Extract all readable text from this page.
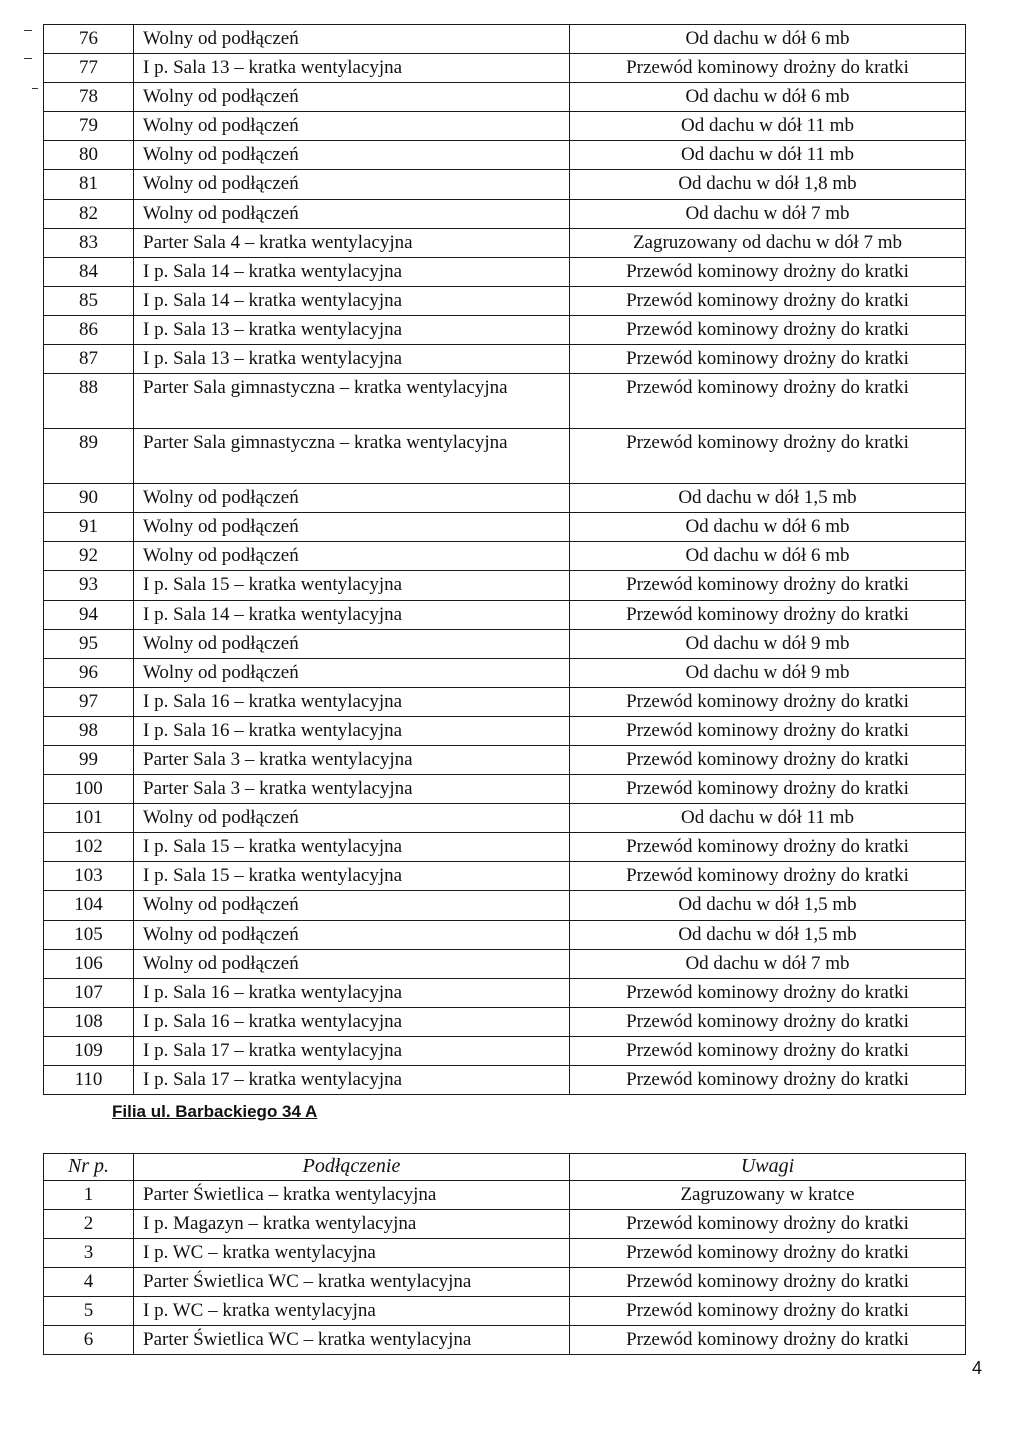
76	Wolny od podłączeń	Od dachu w dół 6 mb
77	I p. Sala 13 – kratka wentylacyjna	Przewód kominowy drożny do kratki
78	Wolny od podłączeń	Od dachu w dół 6 mb
79	Wolny od podłączeń	Od dachu w dół 11 mb
80	Wolny od podłączeń	Od dachu w dół 11 mb
81	Wolny od podłączeń	Od dachu w dół 1,8 mb
82	Wolny od podłączeń	Od dachu w dół 7 mb
83	Parter Sala 4 – kratka wentylacyjna	Zagruzowany od dachu w dół 7 mb
84	I p. Sala 14 – kratka wentylacyjna	Przewód kominowy drożny do kratki
85	I p. Sala 14 – kratka wentylacyjna	Przewód kominowy drożny do kratki
86	I p. Sala 13 – kratka wentylacyjna	Przewód kominowy drożny do kratki
87	I p. Sala 13 – kratka wentylacyjna	Przewód kominowy drożny do kratki
88	Parter Sala gimnastyczna – kratka wentylacyjna	Przewód kominowy drożny do kratki
89	Parter Sala gimnastyczna – kratka wentylacyjna	Przewód kominowy drożny do kratki
90	Wolny od podłączeń	Od dachu w dół 1,5 mb
91	Wolny od podłączeń	Od dachu w dół 6 mb
92	Wolny od podłączeń	Od dachu w dół 6 mb
93	I p. Sala 15 – kratka wentylacyjna	Przewód kominowy drożny do kratki
94	I p. Sala 14 – kratka wentylacyjna	Przewód kominowy drożny do kratki
95	Wolny od podłączeń	Od dachu w dół 9 mb
96	Wolny od podłączeń	Od dachu w dół 9 mb
97	I p. Sala 16 – kratka wentylacyjna	Przewód kominowy drożny do kratki
98	I p. Sala 16 – kratka wentylacyjna	Przewód kominowy drożny do kratki
99	Parter Sala 3 – kratka wentylacyjna	Przewód kominowy drożny do kratki
100	Parter Sala 3 – kratka wentylacyjna	Przewód kominowy drożny do kratki
101	Wolny od podłączeń	Od dachu w dół 11 mb
102	I p. Sala 15 – kratka wentylacyjna	Przewód kominowy drożny do kratki
103	I p. Sala 15 – kratka wentylacyjna	Przewód kominowy drożny do kratki
104	Wolny od podłączeń	Od dachu w dół 1,5 mb
105	Wolny od podłączeń	Od dachu w dół 1,5 mb
106	Wolny od podłączeń	Od dachu w dół 7 mb
107	I p. Sala 16 – kratka wentylacyjna	Przewód kominowy drożny do kratki
108	I p. Sala 16 – kratka wentylacyjna	Przewód kominowy drożny do kratki
109	I p. Sala 17 – kratka wentylacyjna	Przewód kominowy drożny do kratki
110	I p. Sala 17 – kratka wentylacyjna	Przewód kominowy drożny do kratki
Filia ul. Barbackiego 34 A
Nr p.	Podłączenie	Uwagi
1	Parter Świetlica – kratka wentylacyjna	Zagruzowany w kratce
2	I p. Magazyn – kratka wentylacyjna	Przewód kominowy drożny do kratki
3	I p. WC – kratka wentylacyjna	Przewód kominowy drożny do kratki
4	Parter Świetlica WC – kratka wentylacyjna	Przewód kominowy drożny do kratki
5	I p. WC – kratka wentylacyjna	Przewód kominowy drożny do kratki
6	Parter Świetlica WC – kratka wentylacyjna	Przewód kominowy drożny do kratki
4
